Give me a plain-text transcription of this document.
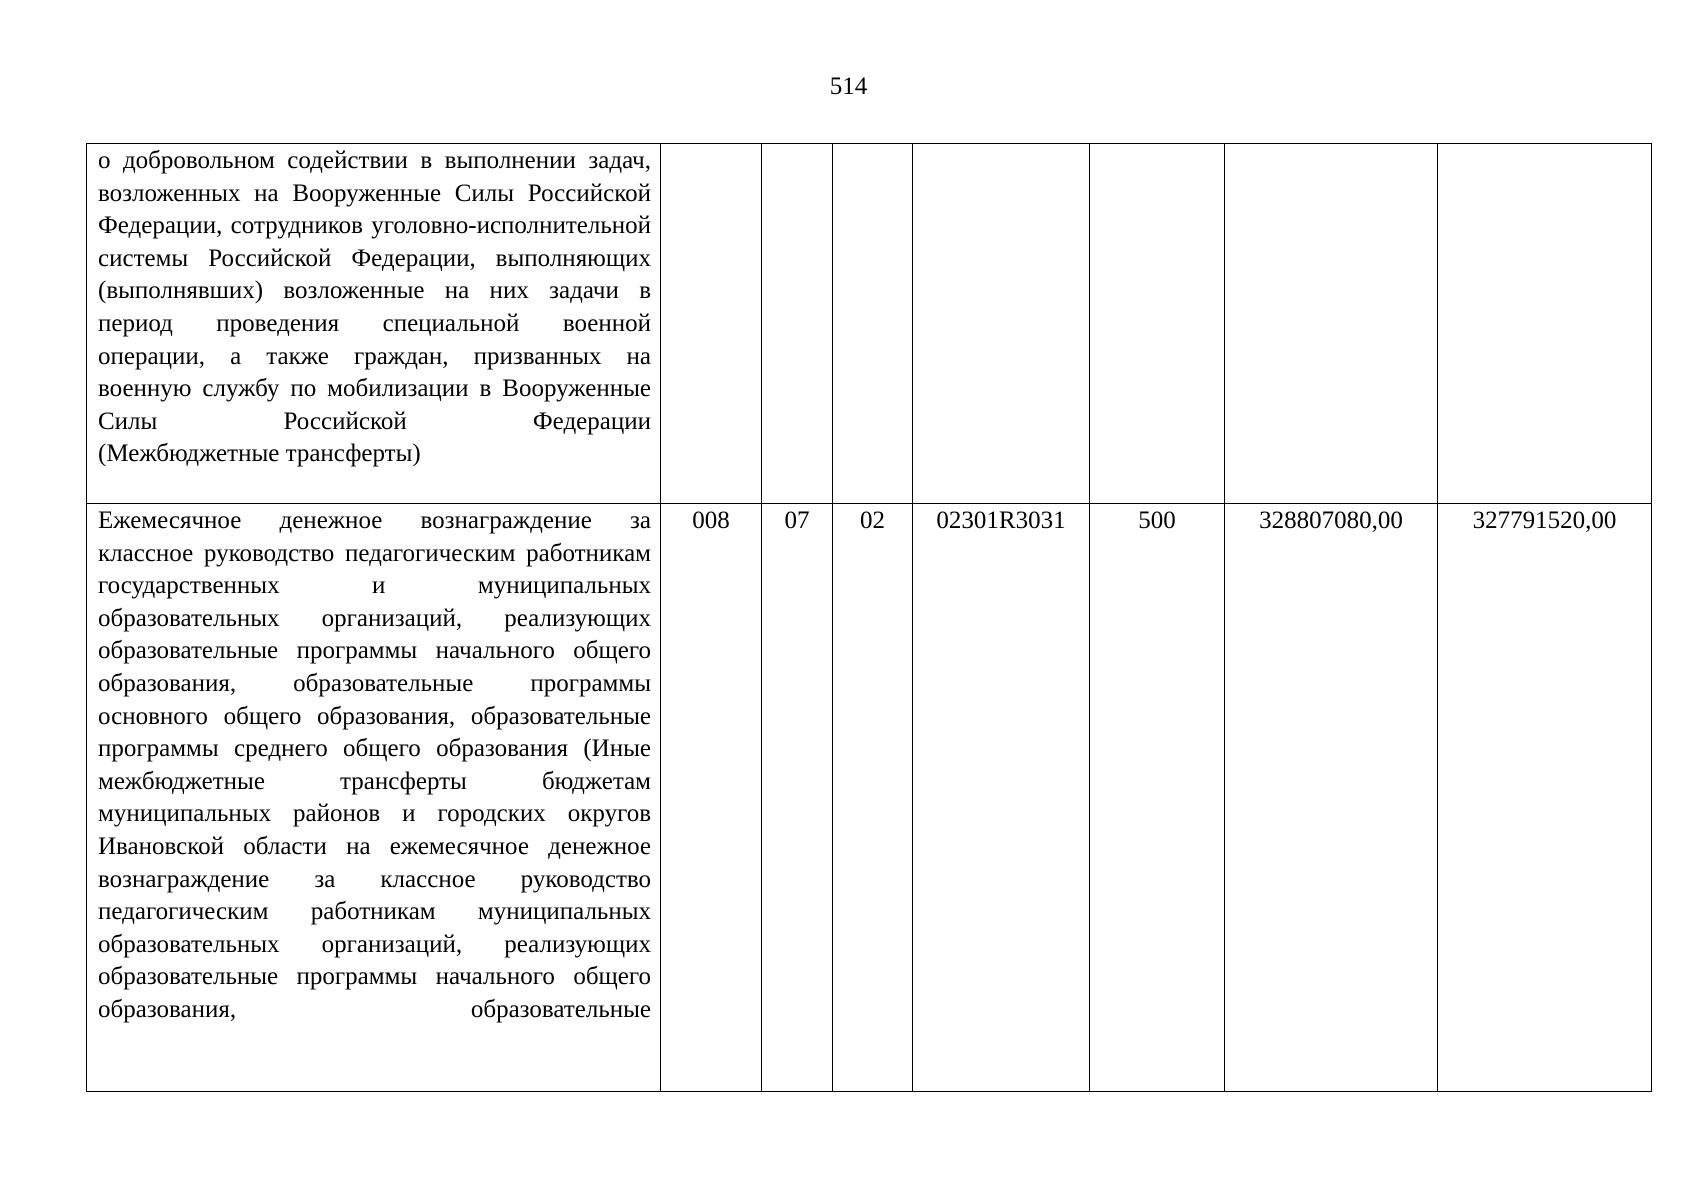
514
о добровольном содействии в выполнении задач, возложенных на Вооруженные Силы Российской Федерации, сотрудников уголовно-исполнительной системы Российской Федерации, выполняющих (выполнявших) возложенные на них задачи в период проведения специальной военной операции, а также граждан, призванных на военную службу по мобилизации в Вооруженные Силы Российской Федерации
(Межбюджетные трансферты)							

Ежемесячное денежное вознаграждение за классное руководство педагогическим работникам государственных и муниципальных образовательных организаций, реализующих образовательные программы начального общего образования, образовательные программы основного общего образования, образовательные программы среднего общего образования (Иные межбюджетные трансферты бюджетам муниципальных районов и городских округов Ивановской области на ежемесячное денежное вознаграждение за классное руководство педагогическим работникам муниципальных образовательных организаций, реализующих образовательные программы начального общего образования, образовательные	008	07	02	02301R3031	500	328807080,00	327791520,00
